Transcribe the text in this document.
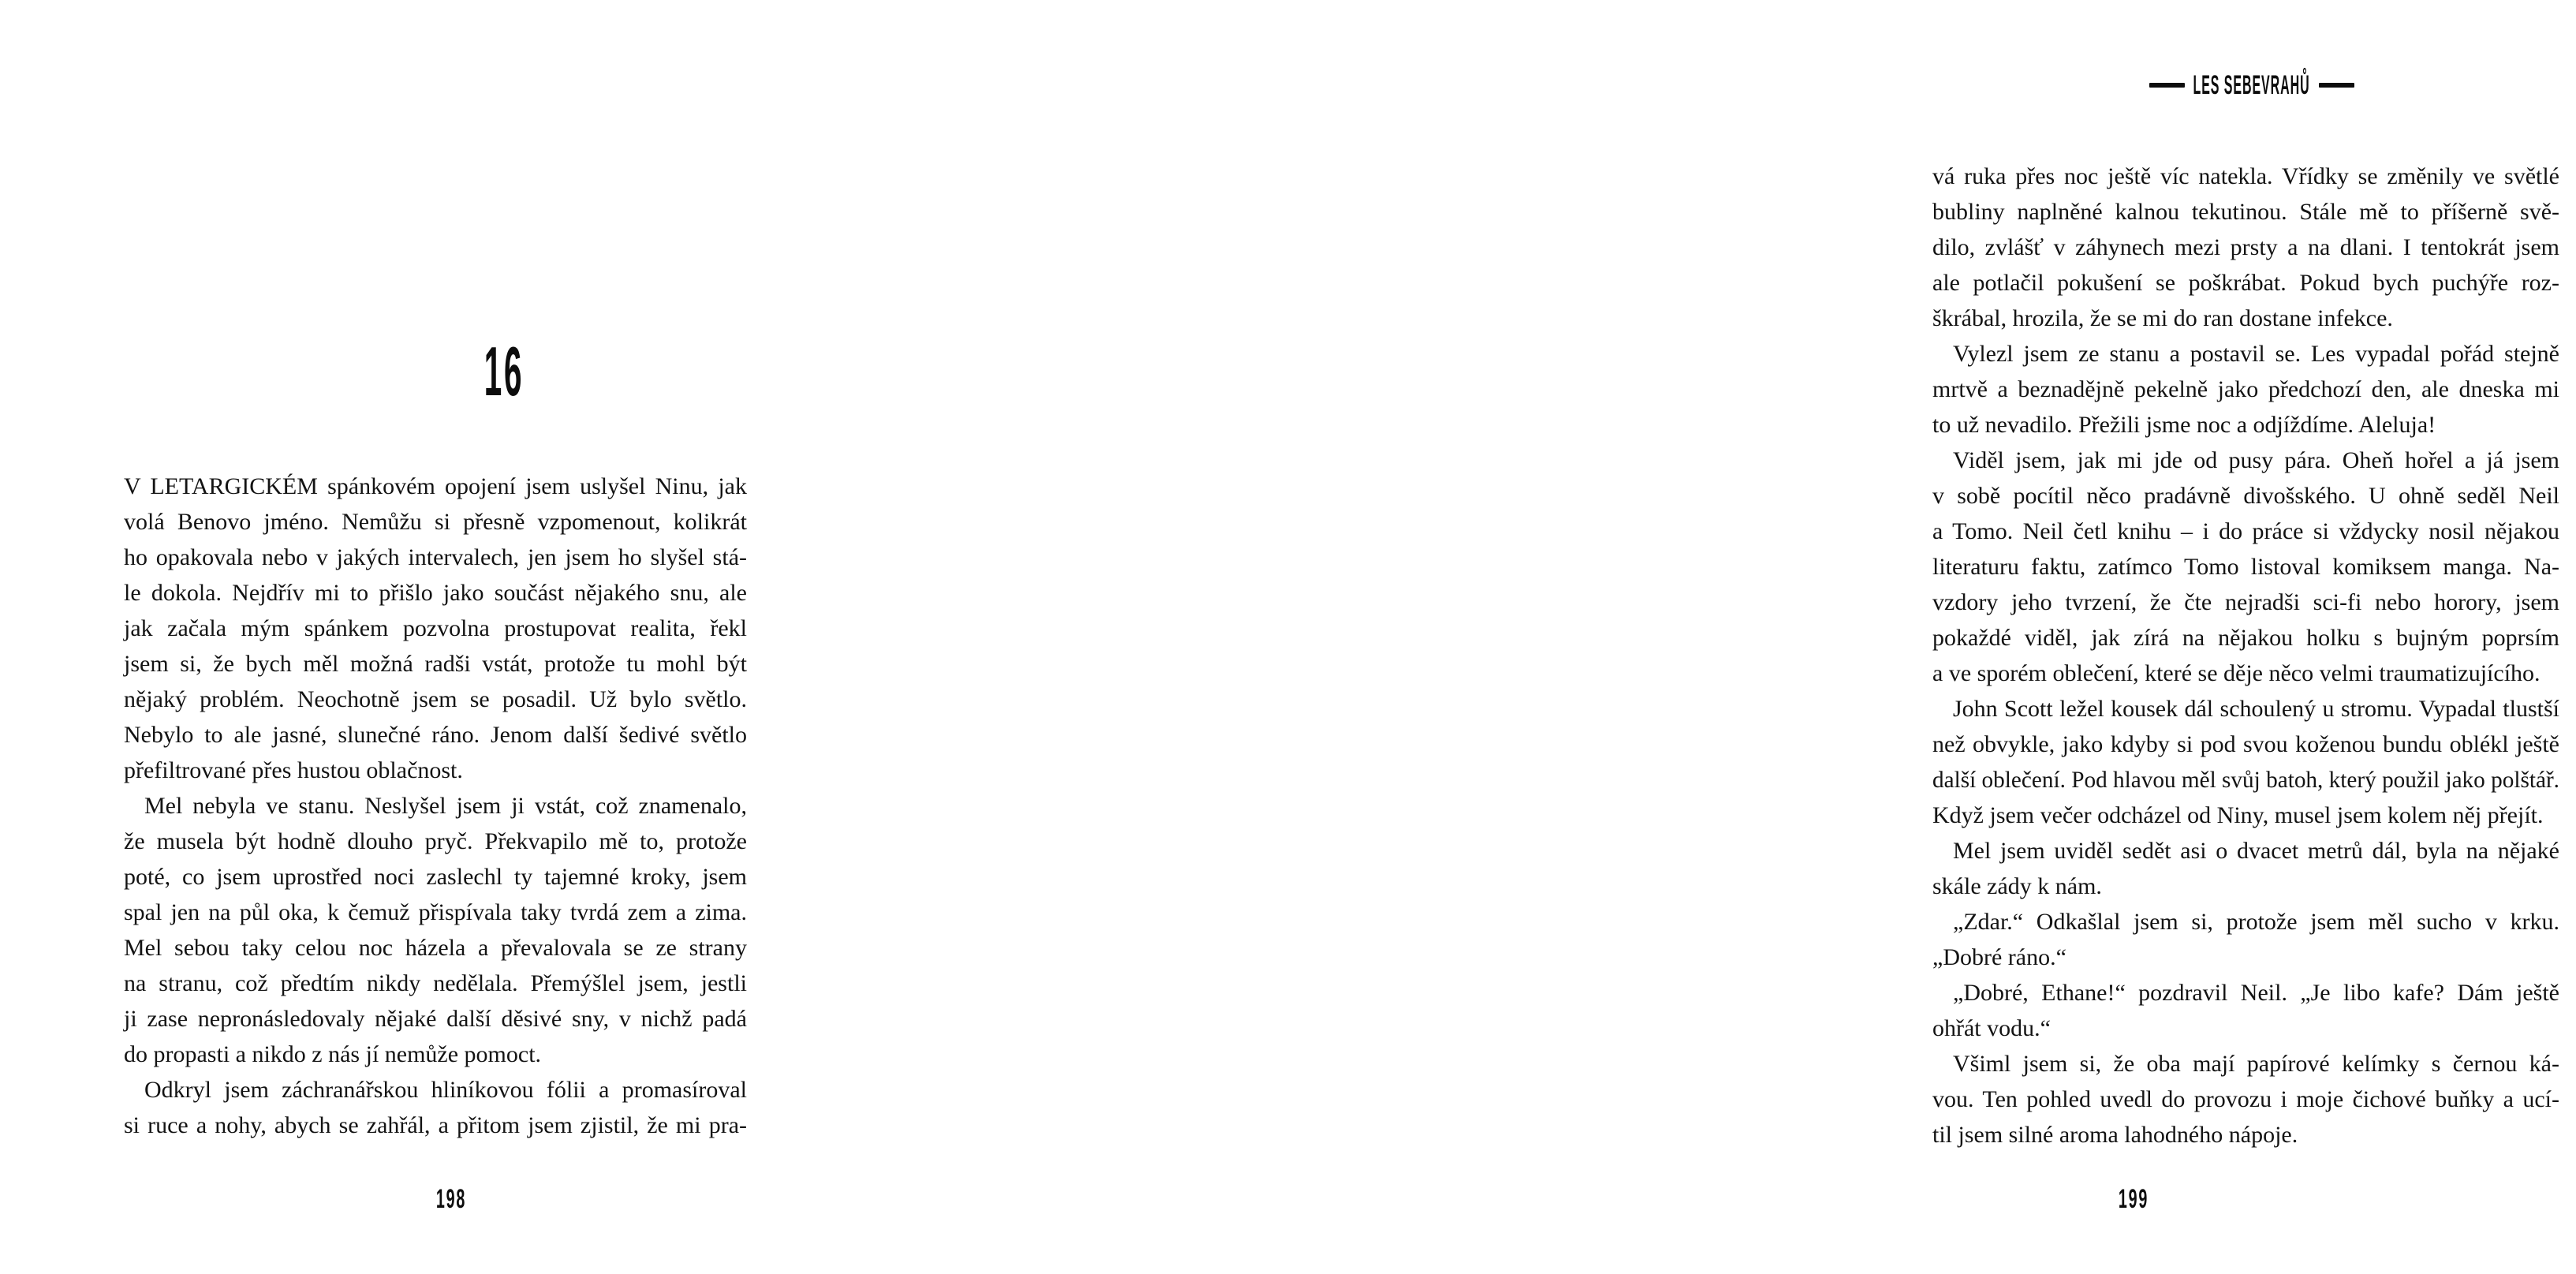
16
V LETARGICKÉM spánkovém opojení jsem uslyšel Ninu, jak
volá Benovo jméno. Nemůžu si přesně vzpomenout, kolikrát
ho opakovala nebo v jakých intervalech, jen jsem ho slyšel stá-
le dokola. Nejdřív mi to přišlo jako součást nějakého snu, ale
jak začala mým spánkem pozvolna prostupovat realita, řekl
jsem si, že bych měl možná radši vstát, protože tu mohl být
nějaký problém. Neochotně jsem se posadil. Už bylo světlo.
Nebylo to ale jasné, slunečné ráno. Jenom další šedivé světlo
přefiltrované přes hustou oblačnost.
Mel nebyla ve stanu. Neslyšel jsem ji vstát, což znamenalo,
že musela být hodně dlouho pryč. Překvapilo mě to, protože
poté, co jsem uprostřed noci zaslechl ty tajemné kroky, jsem
spal jen na půl oka, k čemuž přispívala taky tvrdá zem a zima.
Mel sebou taky celou noc házela a převalovala se ze strany
na stranu, což předtím nikdy nedělala. Přemýšlel jsem, jestli
ji zase nepronásledovaly nějaké další děsivé sny, v nichž padá
do propasti a nikdo z nás jí nemůže pomoct.
Odkryl jsem záchranářskou hliníkovou fólii a promasíroval
si ruce a nohy, abych se zahřál, a přitom jsem zjistil, že mi pra-
198
LES SEBEVRAHŮ
vá ruka přes noc ještě víc natekla. Vřídky se změnily ve světlé
bubliny naplněné kalnou tekutinou. Stále mě to příšerně svě-
dilo, zvlášť v záhynech mezi prsty a na dlani. I tentokrát jsem
ale potlačil pokušení se poškrábat. Pokud bych puchýře roz-
škrábal, hrozila, že se mi do ran dostane infekce.
Vylezl jsem ze stanu a postavil se. Les vypadal pořád stejně
mrtvě a beznadějně pekelně jako předchozí den, ale dneska mi
to už nevadilo. Přežili jsme noc a odjíždíme. Aleluja!
Viděl jsem, jak mi jde od pusy pára. Oheň hořel a já jsem
v sobě pocítil něco pradávně divošského. U ohně seděl Neil
a Tomo. Neil četl knihu – i do práce si vždycky nosil nějakou
literaturu faktu, zatímco Tomo listoval komiksem manga. Na-
vzdory jeho tvrzení, že čte nejradši sci-fi nebo horory, jsem
pokaždé viděl, jak zírá na nějakou holku s bujným poprsím
a ve sporém oblečení, které se děje něco velmi traumatizujícího.
John Scott ležel kousek dál schoulený u stromu. Vypadal tlustší
než obvykle, jako kdyby si pod svou koženou bundu oblékl ještě
další oblečení. Pod hlavou měl svůj batoh, který použil jako polštář.
Když jsem večer odcházel od Niny, musel jsem kolem něj přejít.
Mel jsem uviděl sedět asi o dvacet metrů dál, byla na nějaké
skále zády k nám.
„Zdar.“ Odkašlal jsem si, protože jsem měl sucho v krku.
„Dobré ráno.“
„Dobré, Ethane!“ pozdravil Neil. „Je libo kafe? Dám ještě
ohřát vodu.“
Všiml jsem si, že oba mají papírové kelímky s černou ká-
vou. Ten pohled uvedl do provozu i moje čichové buňky a ucí-
til jsem silné aroma lahodného nápoje.
199
